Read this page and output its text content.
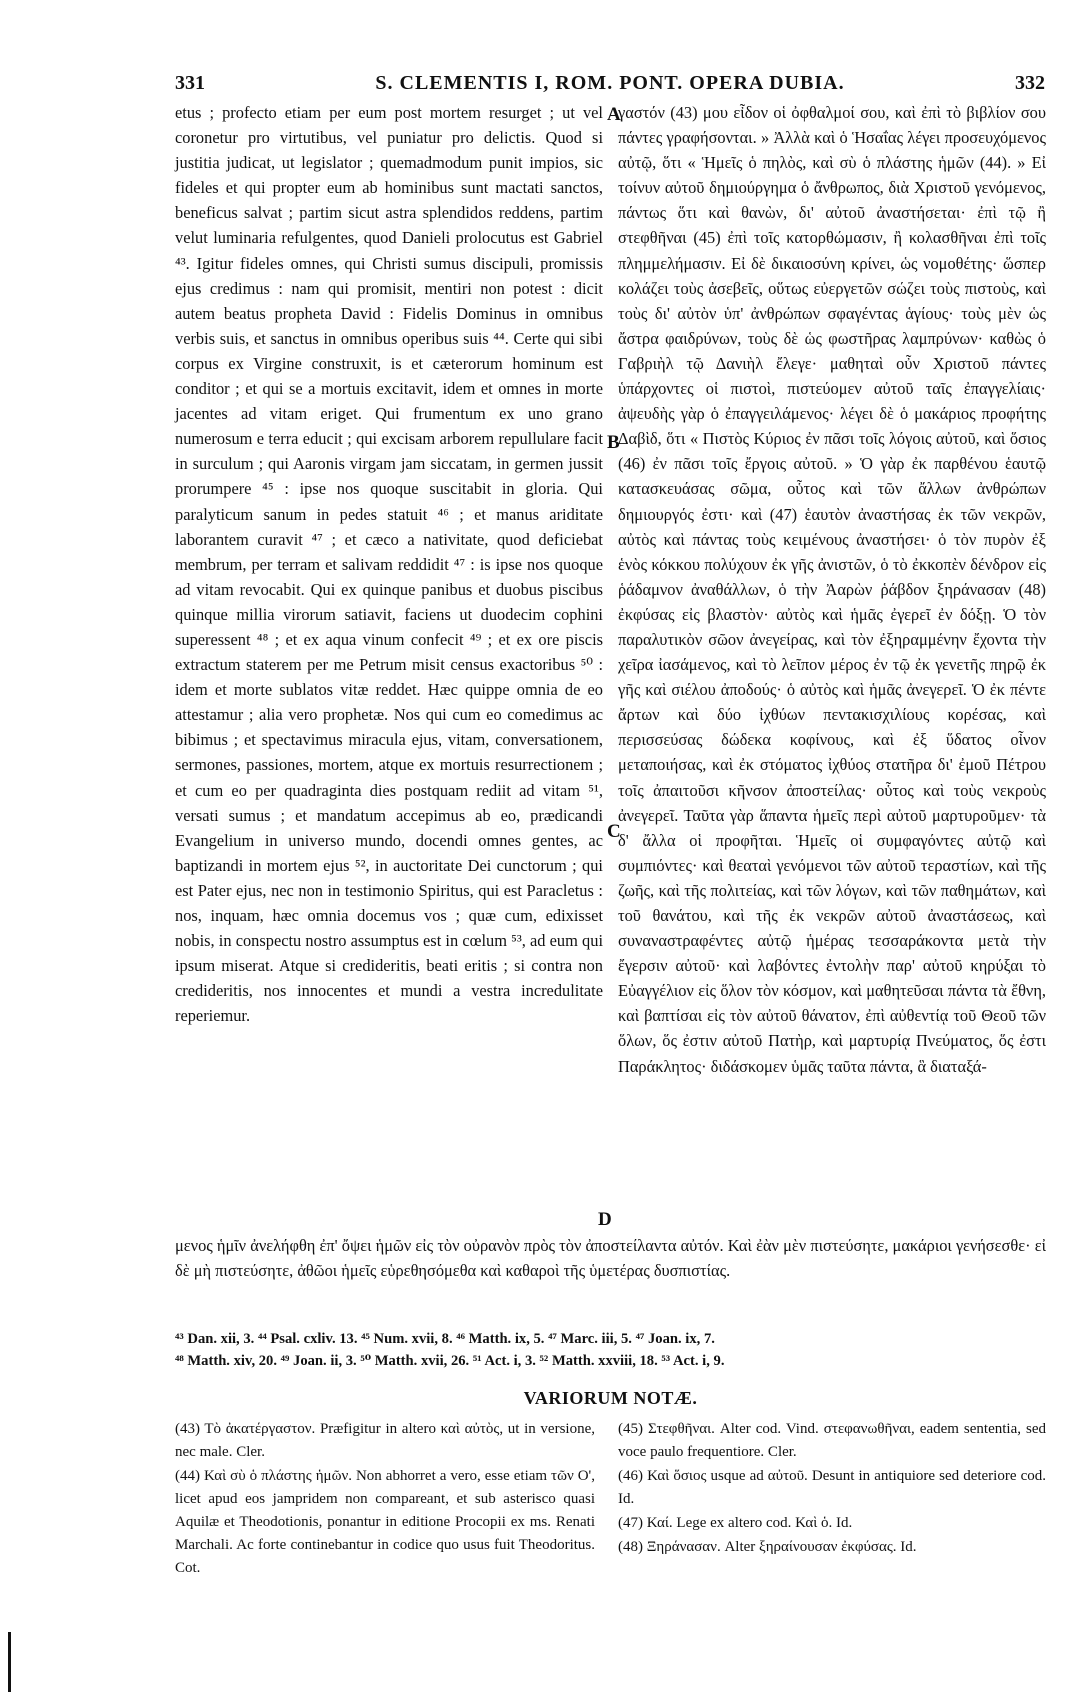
331	S. CLEMENTIS I, ROM. PONT. OPERA DUBIA.	332

etus ; profecto etiam per eum post mortem resurget ; ut vel coronetur pro virtutibus, vel puniatur pro delictis. Quod si justitia judicat, ut legislator ; quemadmodum punit impios, sic fideles et qui propter eum ab hominibus sunt mactati sanctos, beneficus salvat ; partim sicut astra splendidos reddens, partim velut luminaria refulgentes, quod Danieli prolocutus est Gabriel ⁴³. Igitur fideles omnes, qui Christi sumus discipuli, promissis ejus credimus : nam qui promisit, mentiri non potest : dicit autem beatus propheta David : Fidelis Dominus in omnibus verbis suis, et sanctus in omnibus operibus suis ⁴⁴. Certe qui sibi corpus ex Virgine construxit, is et cæterorum hominum est conditor ; et qui se a mortuis excitavit, idem et omnes in morte jacentes ad vitam eriget. Qui frumentum ex uno grano numerosum e terra educit ; qui excisam arborem repullulare facit in surculum ; qui Aaronis virgam jam siccatam, in germen jussit prorumpere ⁴⁵ : ipse nos quoque suscitabit in gloria. Qui paralyticum sanum in pedes statuit ⁴⁶ ; et manus ariditate laborantem curavit ⁴⁷ ; et cæco a nativitate, quod deficiebat membrum, per terram et salivam reddidit ⁴⁷ : is ipse nos quoque ad vitam revocabit. Qui ex quinque panibus et duobus piscibus quinque millia virorum satiavit, faciens ut duodecim cophini superessent ⁴⁸ ; et ex aqua vinum confecit ⁴⁹ ; et ex ore piscis extractum staterem per me Petrum misit census exactoribus ⁵⁰ : idem et morte sublatos vitæ reddet. Hæc quippe omnia de eo attestamur ; alia vero prophetæ. Nos qui cum eo comedimus ac bibimus ; et spectavimus miracula ejus, vitam, conversationem, sermones, passiones, mortem, atque ex mortuis resurrectionem ; et cum eo per quadraginta dies postquam rediit ad vitam ⁵¹, versati sumus ; et mandatum accepimus ab eo, prædicandi Evangelium in universo mundo, docendi omnes gentes, ac baptizandi in mortem ejus ⁵², in auctoritate Dei cunctorum ; qui est Pater ejus, nec non in testimonio Spiritus, qui est Paracletus : nos, inquam, hæc omnia docemus vos ; quæ cum, edixisset nobis, in conspectu nostro assumptus est in cœlum ⁵³, ad eum qui ipsum miserat. Atque si credideritis, beati eritis ; si contra non credideritis, nos innocentes et mundi a vestra incredulitate reperiemur.

γαστόν (43) μου εἶδον οἱ ὀφθαλμοί σου, καὶ ἐπὶ τὸ βιβλίον σου πάντες γραφήσονται. » Ἀλλὰ καὶ ὁ Ἡσαΐας λέγει προσευχόμενος αὐτῷ, ὅτι « Ἡμεῖς ὁ πηλὸς, καὶ σὺ ὁ πλάστης ἡμῶν (44). » Εἰ τοίνυν αὐτοῦ δημιούργημα ὁ ἄνθρωπος, διὰ Χριστοῦ γενόμενος, πάντως ὅτι καὶ θανὼν, δι' αὐτοῦ ἀναστήσεται· ἐπὶ τῷ ἢ στεφθῆναι (45) ἐπὶ τοῖς κατορθώμασιν, ἢ κολασθῆναι ἐπὶ τοῖς πλημμελήμασιν. Εἰ δὲ δικαιοσύνη κρίνει, ὡς νομοθέτης· ὥσπερ κολάζει τοὺς ἀσεβεῖς, οὕτως εὐεργετῶν σώζει τοὺς πιστοὺς, καὶ τοὺς δι' αὐτὸν ὑπ' ἀνθρώπων σφαγέντας ἁγίους· τοὺς μὲν ὡς ἄστρα φαιδρύνων, τοὺς δὲ ὡς φωστῆρας λαμπρύνων· καθὼς ὁ Γαβριὴλ τῷ Δανιὴλ ἔλεγε· μαθηταὶ οὖν Χριστοῦ πάντες ὑπάρχοντες οἱ πιστοὶ, πιστεύομεν αὐτοῦ ταῖς ἐπαγγελίαις· ἀψευδὴς γὰρ ὁ ἐπαγγειλάμενος· λέγει δὲ ὁ μακάριος προφήτης Δαβὶδ, ὅτι « Πιστὸς Κύριος ἐν πᾶσι τοῖς λόγοις αὐτοῦ, καὶ ὅσιος (46) ἐν πᾶσι τοῖς ἔργοις αὐτοῦ. » Ὁ γὰρ ἐκ παρθένου ἑαυτῷ κατασκευάσας σῶμα, οὗτος καὶ τῶν ἄλλων ἀνθρώπων δημιουργός ἐστι· καὶ (47) ἑαυτὸν ἀναστήσας ἐκ τῶν νεκρῶν, αὐτὸς καὶ πάντας τοὺς κειμένους ἀναστήσει· ὁ τὸν πυρὸν ἐξ ἑνὸς κόκκου πολύχουν ἐκ γῆς ἀνιστῶν, ὁ τὸ ἐκκοπὲν δένδρον εἰς ῥάδαμνον ἀναθάλλων, ὁ τὴν Ἀαρὼν ῥάβδον ξηράνασαν (48) ἐκφύσας εἰς βλαστὸν· αὐτὸς καὶ ἡμᾶς ἐγερεῖ ἐν δόξῃ. Ὁ τὸν παραλυτικὸν σῶον ἀνεγείρας, καὶ τὸν ἐξηραμμένην ἔχοντα τὴν χεῖρα ἰασάμενος, καὶ τὸ λεῖπον μέρος ἐν τῷ ἐκ γενετῆς πηρῷ ἐκ γῆς καὶ σιέλου ἀποδούς· ὁ αὐτὸς καὶ ἡμᾶς ἀνεγερεῖ. Ὁ ἐκ πέντε ἄρτων καὶ δύο ἰχθύων πεντακισχιλίους κορέσας, καὶ περισσεύσας δώδεκα κοφίνους, καὶ ἐξ ὕδατος οἶνον μεταποιήσας, καὶ ἐκ στόματος ἰχθύος στατῆρα δι' ἐμοῦ Πέτρου τοῖς ἀπαιτοῦσι κῆνσον ἀποστείλας· οὗτος καὶ τοὺς νεκροὺς ἀνεγερεῖ. Ταῦτα γὰρ ἅπαντα ἡμεῖς περὶ αὐτοῦ μαρτυροῦμεν· τὰ δ' ἄλλα οἱ προφῆται. Ἡμεῖς οἱ συμφαγόντες αὐτῷ καὶ συμπιόντες· καὶ θεαταὶ γενόμενοι τῶν αὐτοῦ τεραστίων, καὶ τῆς ζωῆς, καὶ τῆς πολιτείας, καὶ τῶν λόγων, καὶ τῶν παθημάτων, καὶ τοῦ θανάτου, καὶ τῆς ἐκ νεκρῶν αὐτοῦ ἀναστάσεως, καὶ συναναστραφέντες αὐτῷ ἡμέρας τεσσαράκοντα μετὰ τὴν ἔγερσιν αὐτοῦ· καὶ λαβόντες ἐντολὴν παρ' αὐτοῦ κηρύξαι τὸ Εὐαγγέλιον εἰς ὅλον τὸν κόσμον, καὶ μαθητεῦσαι πάντα τὰ ἔθνη, καὶ βαπτίσαι εἰς τὸν αὐτοῦ θάνατον, ἐπὶ αὐθεντίᾳ τοῦ Θεοῦ τῶν ὅλων, ὅς ἐστιν αὐτοῦ Πατὴρ, καὶ μαρτυρίᾳ Πνεύματος, ὅς ἐστι Παράκλητος· διδάσκομεν ὑμᾶς ταῦτα πάντα, ἃ διαταξά-

A
B
C
D

μενος ἡμῖν ἀνελήφθη ἐπ' ὄψει ἡμῶν εἰς τὸν οὐρανὸν πρὸς τὸν ἀποστείλαντα αὐτόν. Καὶ ἐὰν μὲν πιστεύσητε, μακάριοι γενήσεσθε· εἰ δὲ μὴ πιστεύσητε, ἀθῶοι ἡμεῖς εὑρεθησόμεθα καὶ καθαροὶ τῆς ὑμετέρας δυσπιστίας.

⁴³ Dan. xii, 3. ⁴⁴ Psal. cxliv. 13. ⁴⁵ Num. xvii, 8. ⁴⁶ Matth. ix, 5. ⁴⁷ Marc. iii, 5. ⁴⁷ Joan. ix, 7.

⁴⁸ Matth. xiv, 20. ⁴⁹ Joan. ii, 3. ⁵⁰ Matth. xvii, 26. ⁵¹ Act. i, 3. ⁵² Matth. xxviii, 18. ⁵³ Act. i, 9.

VARIORUM NOTÆ.

(43) Τὸ ἀκατέργαστον. Præfigitur in altero καὶ αὐτὸς, ut in versione, nec male. Cler.

(44) Καὶ σὺ ὁ πλάστης ἡμῶν. Non abhorret a vero, esse etiam τῶν Ο', licet apud eos jampridem non compareant, et sub asterisco quasi Aquilæ et Theodotionis, ponantur in editione Procopii ex ms. Renati Marchali. Ac forte continebantur in codice quo usus fuit Theodoritus. Cot.

(45) Στεφθῆναι. Alter cod. Vind. στεφανωθῆναι, eadem sententia, sed voce paulo frequentiore. Cler.

(46) Καὶ ὅσιος usque ad αὐτοῦ. Desunt in antiquiore sed deteriore cod. Id.

(47) Καί. Lege ex altero cod. Καὶ ὁ. Id.

(48) Ξηράνασαν. Alter ξηραίνουσαν ἐκφύσας. Id.
